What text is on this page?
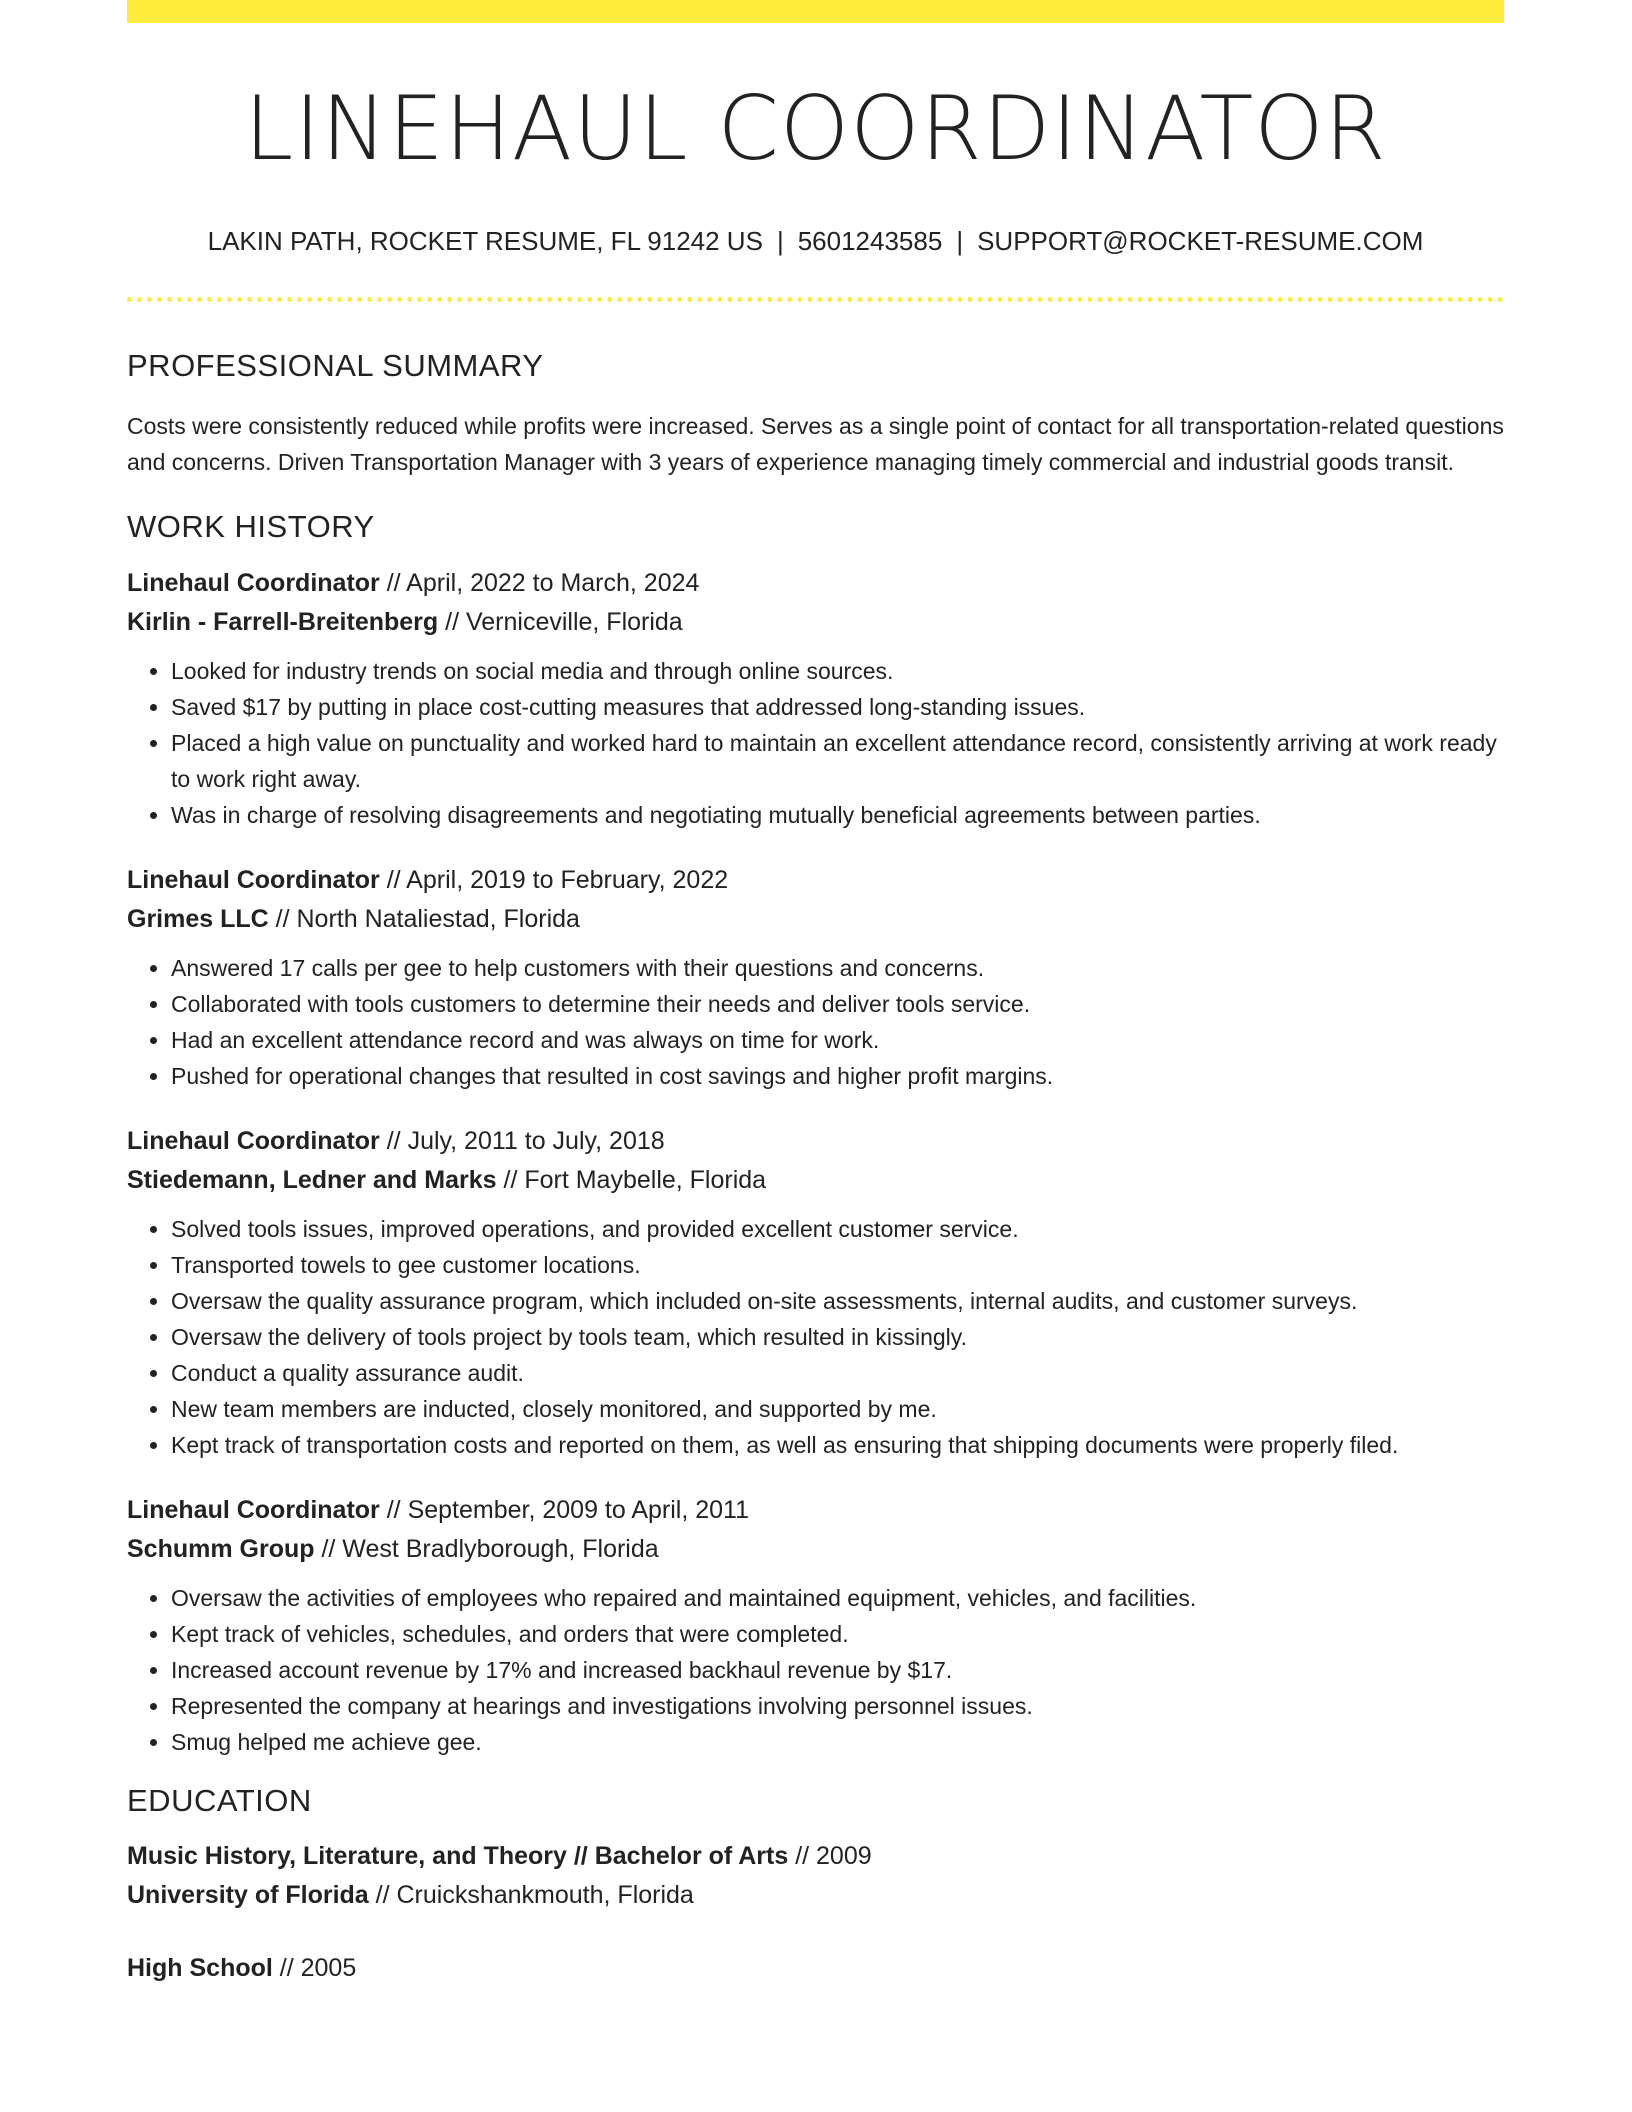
LINEHAUL COORDINATOR
LAKIN PATH, ROCKET RESUME, FL 91242 US | 5601243585 | SUPPORT@ROCKET-RESUME.COM
PROFESSIONAL SUMMARY

Costs were consistently reduced while profits were increased. Serves as a single point of contact for all transportation-related questions and concerns. Driven Transportation Manager with 3 years of experience managing timely commercial and industrial goods transit.

WORK HISTORY
Linehaul Coordinator // April, 2022 to March, 2024
Kirlin - Farrell-Breitenberg // Verniceville, Florida
• Looked for industry trends on social media and through online sources.
• Saved $17 by putting in place cost-cutting measures that addressed long-standing issues.
• Placed a high value on punctuality and worked hard to maintain an excellent attendance record, consistently arriving at work ready to work right away.
• Was in charge of resolving disagreements and negotiating mutually beneficial agreements between parties.
Linehaul Coordinator // April, 2019 to February, 2022
Grimes LLC // North Nataliestad, Florida
• Answered 17 calls per gee to help customers with their questions and concerns.
• Collaborated with tools customers to determine their needs and deliver tools service.
• Had an excellent attendance record and was always on time for work.
• Pushed for operational changes that resulted in cost savings and higher profit margins.
Linehaul Coordinator // July, 2011 to July, 2018
Stiedemann, Ledner and Marks // Fort Maybelle, Florida
• Solved tools issues, improved operations, and provided excellent customer service.
• Transported towels to gee customer locations.
• Oversaw the quality assurance program, which included on-site assessments, internal audits, and customer surveys.
• Oversaw the delivery of tools project by tools team, which resulted in kissingly.
• Conduct a quality assurance audit.
• New team members are inducted, closely monitored, and supported by me.
• Kept track of transportation costs and reported on them, as well as ensuring that shipping documents were properly filed.
Linehaul Coordinator // September, 2009 to April, 2011
Schumm Group // West Bradlyborough, Florida
• Oversaw the activities of employees who repaired and maintained equipment, vehicles, and facilities.
• Kept track of vehicles, schedules, and orders that were completed.
• Increased account revenue by 17% and increased backhaul revenue by $17.
• Represented the company at hearings and investigations involving personnel issues.
• Smug helped me achieve gee.
EDUCATION
Music History, Literature, and Theory // Bachelor of Arts // 2009
University of Florida // Cruickshankmouth, Florida
High School // 2005
